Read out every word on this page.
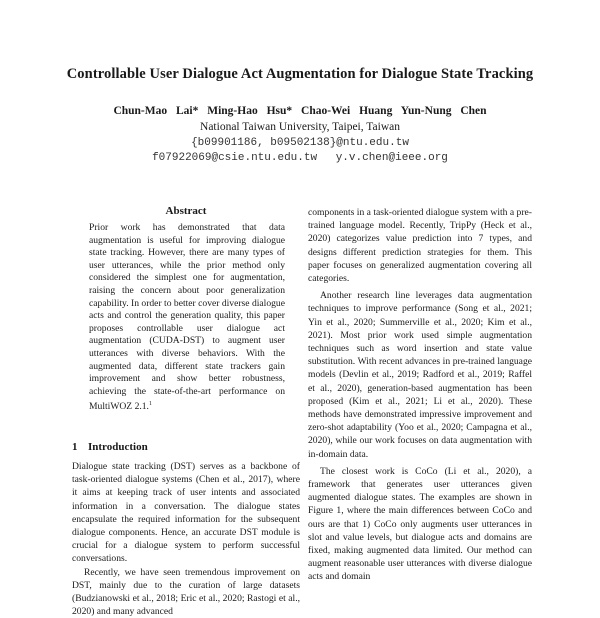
Controllable User Dialogue Act Augmentation for Dialogue State Tracking
Chun-Mao Lai* Ming-Hao Hsu* Chao-Wei Huang Yun-Nung Chen
National Taiwan University, Taipei, Taiwan
{b09901186, b09502138}@ntu.edu.tw
f07922069@csie.ntu.edu.tw y.v.chen@ieee.org
Abstract
Prior work has demonstrated that data augmentation is useful for improving dialogue state tracking. However, there are many types of user utterances, while the prior method only considered the simplest one for augmentation, raising the concern about poor generalization capability. In order to better cover diverse dialogue acts and control the generation quality, this paper proposes controllable user dialogue act augmentation (CUDA-DST) to augment user utterances with diverse behaviors. With the augmented data, different state trackers gain improvement and show better robustness, achieving the state-of-the-art performance on MultiWOZ 2.1.$^1$
1 Introduction

Dialogue state tracking (DST) serves as a backbone of task-oriented dialogue systems (Chen et al., 2017), where it aims at keeping track of user intents and associated information in a conversation. The dialogue states encapsulate the required information for the subsequent dialogue components. Hence, an accurate DST module is crucial for a dialogue system to perform successful conversations.

Recently, we have seen tremendous improvement on DST, mainly due to the curation of large datasets (Budzianowski et al., 2018; Eric et al., 2020; Rastogi et al., 2020) and many advanced

components in a task-oriented dialogue system with a pre-trained language model. Recently, TripPy (Heck et al., 2020) categorizes value prediction into 7 types, and designs different prediction strategies for them. This paper focuses on generalized augmentation covering all categories.

Another research line leverages data augmentation techniques to improve performance (Song et al., 2021; Yin et al., 2020; Summerville et al., 2020; Kim et al., 2021). Most prior work used simple augmentation techniques such as word insertion and state value substitution. With recent advances in pre-trained language models (Devlin et al., 2019; Radford et al., 2019; Raffel et al., 2020), generation-based augmentation has been proposed (Kim et al., 2021; Li et al., 2020). These methods have demonstrated impressive improvement and zero-shot adaptability (Yoo et al., 2020; Campagna et al., 2020), while our work focuses on data augmentation with in-domain data.

The closest work is CoCo (Li et al., 2020), a framework that generates user utterances given augmented dialogue states. The examples are shown in Figure 1, where the main differences between CoCo and ours are that 1) CoCo only augments user utterances in slot and value levels, but dialogue acts and domains are fixed, making augmented data limited. Our method can augment reasonable user utterances with diverse dialogue acts and domain
